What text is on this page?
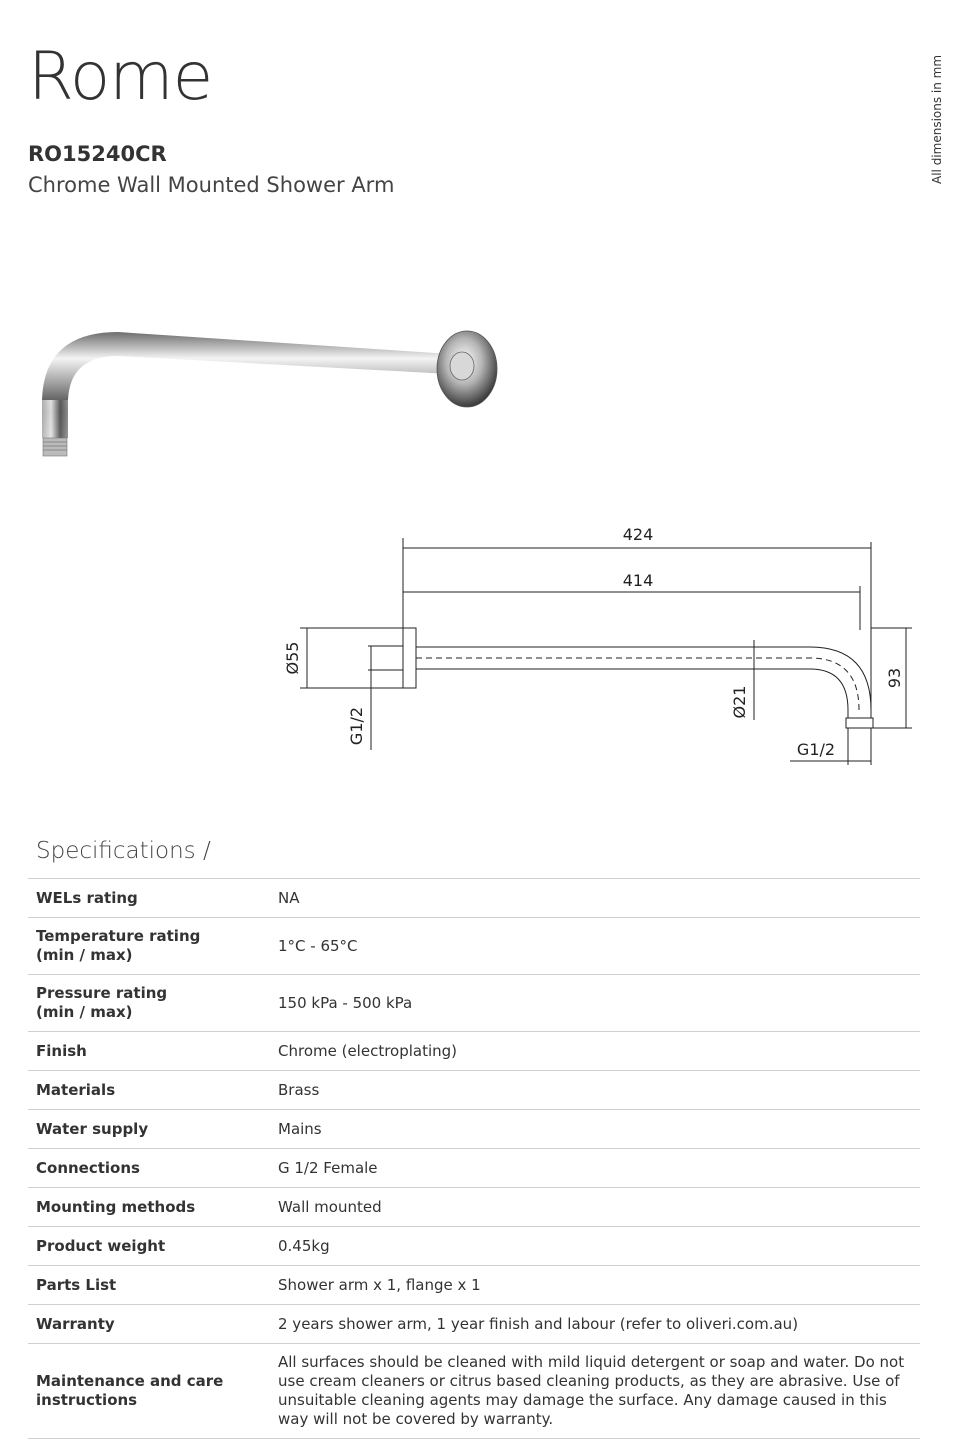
Rome
RO15240CR
Chrome Wall Mounted Shower Arm
All dimensions in mm
424
414
Ø55
G1/2
Ø21
93
G1/2
Specifications /
WELs rating	NA
Temperature rating
(min / max)	1°C - 65°C
Pressure rating
(min / max)	150 kPa - 500 kPa
Finish	Chrome (electroplating)
Materials	Brass
Water supply	Mains
Connections	G 1/2 Female
Mounting methods	Wall mounted
Product weight	0.45kg
Parts List	Shower arm x 1, flange x 1
Warranty	2 years shower arm, 1 year finish and labour (refer to oliveri.com.au)
Maintenance and care
instructions	All surfaces should be cleaned with mild liquid detergent or soap and water. Do not use cream cleaners or citrus based cleaning products, as they are abrasive. Use of unsuitable cleaning agents may damage the surface. Any damage caused in this way will not be covered by warranty.
